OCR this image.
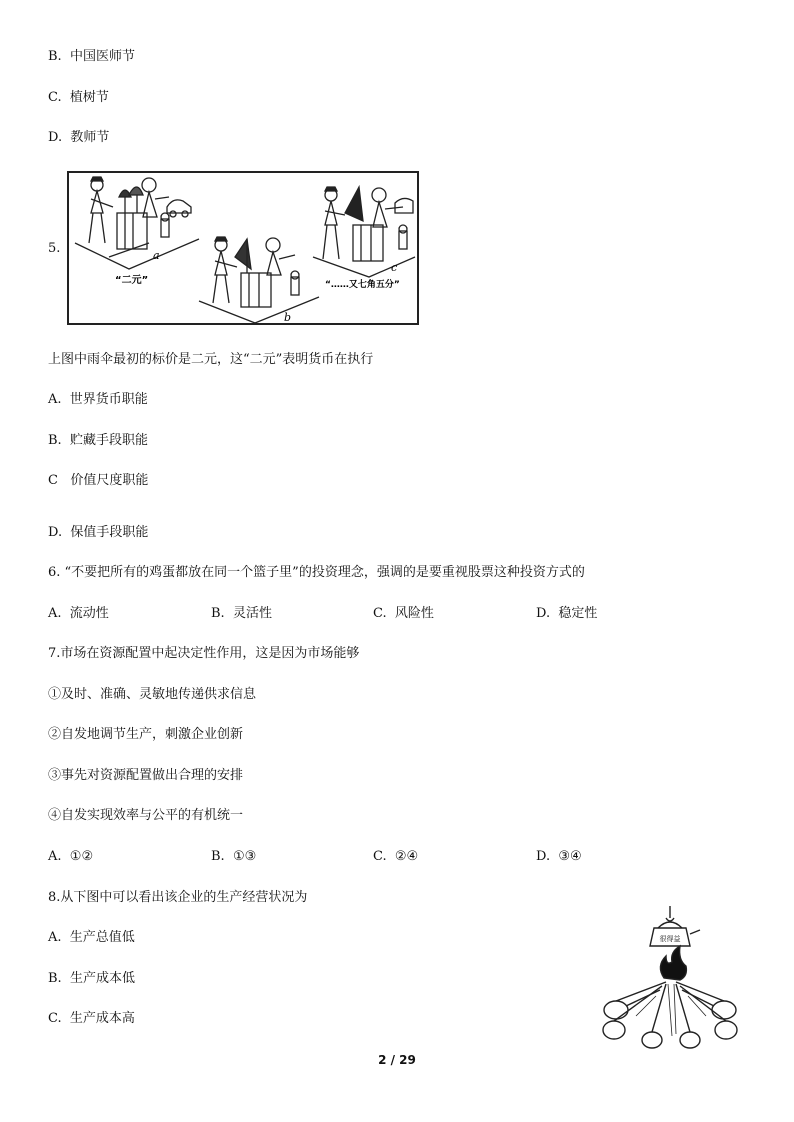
B. 中国医师节
C. 植树节
D. 教师节
5.	a
“二元”
b
c
“……又七角五分”
上图中雨伞最初的标价是二元，这“二元”表明货币在执行
A. 世界货币职能
B. 贮藏手段职能
C 价值尺度职能
D. 保值手段职能
6. “不要把所有的鸡蛋都放在同一个篮子里”的投资理念，强调的是要重视股票这种投资方式的
A. 流动性	B. 灵活性	C. 风险性	D. 稳定性
7.市场在资源配置中起决定性作用，这是因为市场能够
①及时、准确、灵敏地传递供求信息
②自发地调节生产，刺激企业创新
③事先对资源配置做出合理的安排
④自发实现效率与公平的有机统一
A. ①②	B. ①③	C. ②④	D. ③④
8.从下图中可以看出该企业的生产经营状况为
A. 生产总值低
B. 生产成本低
C. 生产成本高
很得益
2 / 29
